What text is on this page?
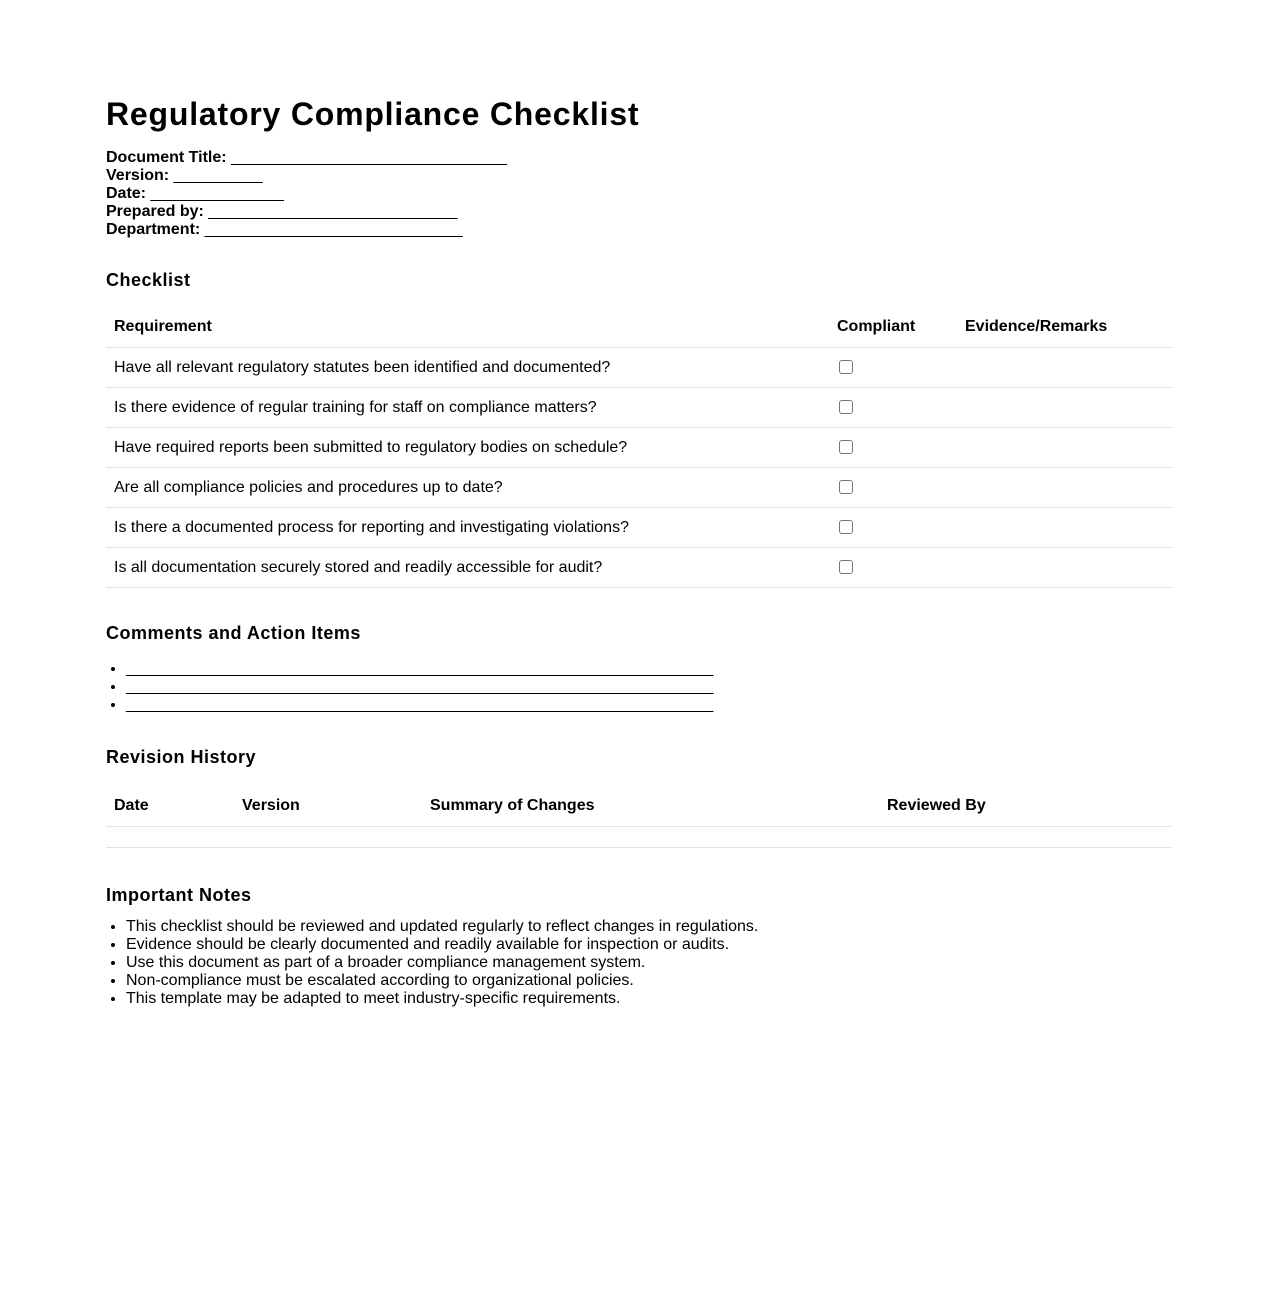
Regulatory Compliance Checklist
Document Title: _______________________________
Version: __________
Date: _______________
Prepared by: ____________________________
Department: _____________________________
Checklist
Requirement	Compliant	Evidence/Remarks
Have all relevant regulatory statutes been identified and documented?		
Is there evidence of regular training for staff on compliance matters?		
Have required reports been submitted to regulatory bodies on schedule?		
Are all compliance policies and procedures up to date?		
Is there a documented process for reporting and investigating violations?		
Is all documentation securely stored and readily accessible for audit?		
Comments and Action Items
• __________________________________________________________________
• __________________________________________________________________
• __________________________________________________________________
Revision History
Date	Version	Summary of Changes	Reviewed By

Important Notes
• This checklist should be reviewed and updated regularly to reflect changes in regulations.
• Evidence should be clearly documented and readily available for inspection or audits.
• Use this document as part of a broader compliance management system.
• Non-compliance must be escalated according to organizational policies.
• This template may be adapted to meet industry-specific requirements.
